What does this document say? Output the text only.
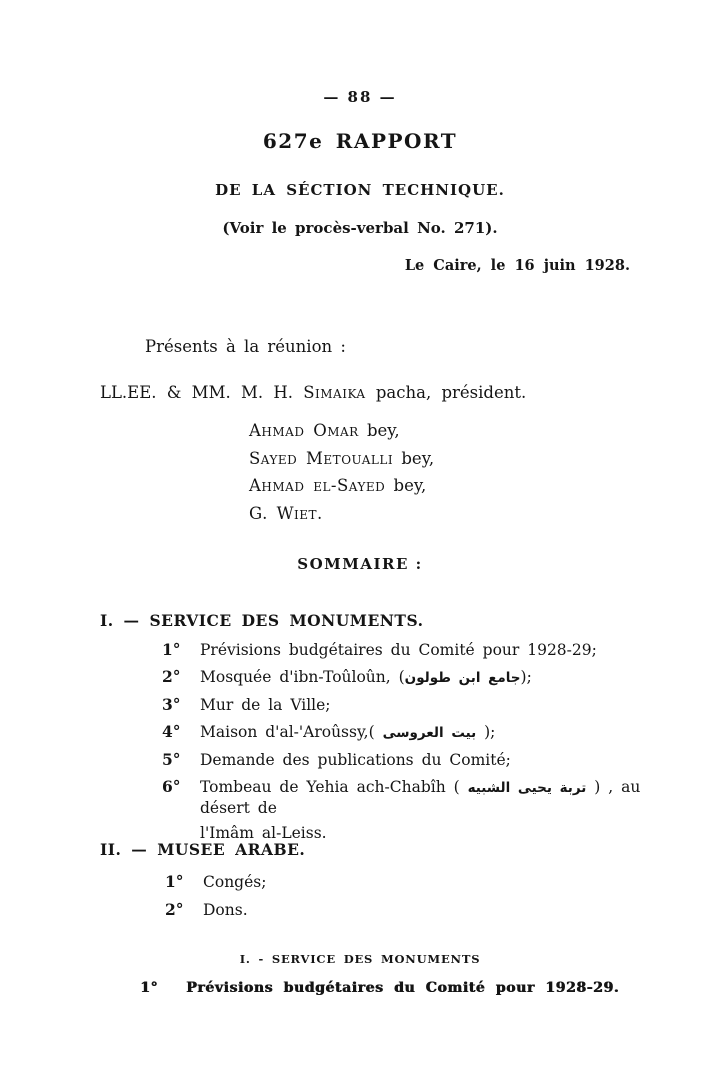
— 88 —
627e RAPPORT
DE LA SÉCTION TECHNIQUE.
(Voir le procès-verbal No. 271).
Le Caire, le 16 juin 1928.
Présents à la réunion :
LL.EE. & MM. M. H. Simaika pacha, président.
Ahmad Omar bey,
Sayed Metoualli bey,
Ahmad el-Sayed bey,
G. Wiet.
SOMMAIRE :
I. — SERVICE DES MONUMENTS.
1°	Prévisions budgétaires du Comité pour 1928-29;
2°	Mosquée d'ibn-Toûloûn, (جامع ابن طولون);
3°	Mur de la Ville;
4°	Maison d'al-'Aroûssy,( بيت العروسى );
5°	Demande des publications du Comité;
6°	Tombeau de Yehia ach-Chabîh ( تربة يحيى الشبيه ) , au désert de
l'Imâm al-Leiss.
II. — MUSEE ARABE.
1°	Congés;
2°	Dons.
I. - SERVICE DES MONUMENTS
1°	Prévisions budgétaires du Comité pour 1928-29.
